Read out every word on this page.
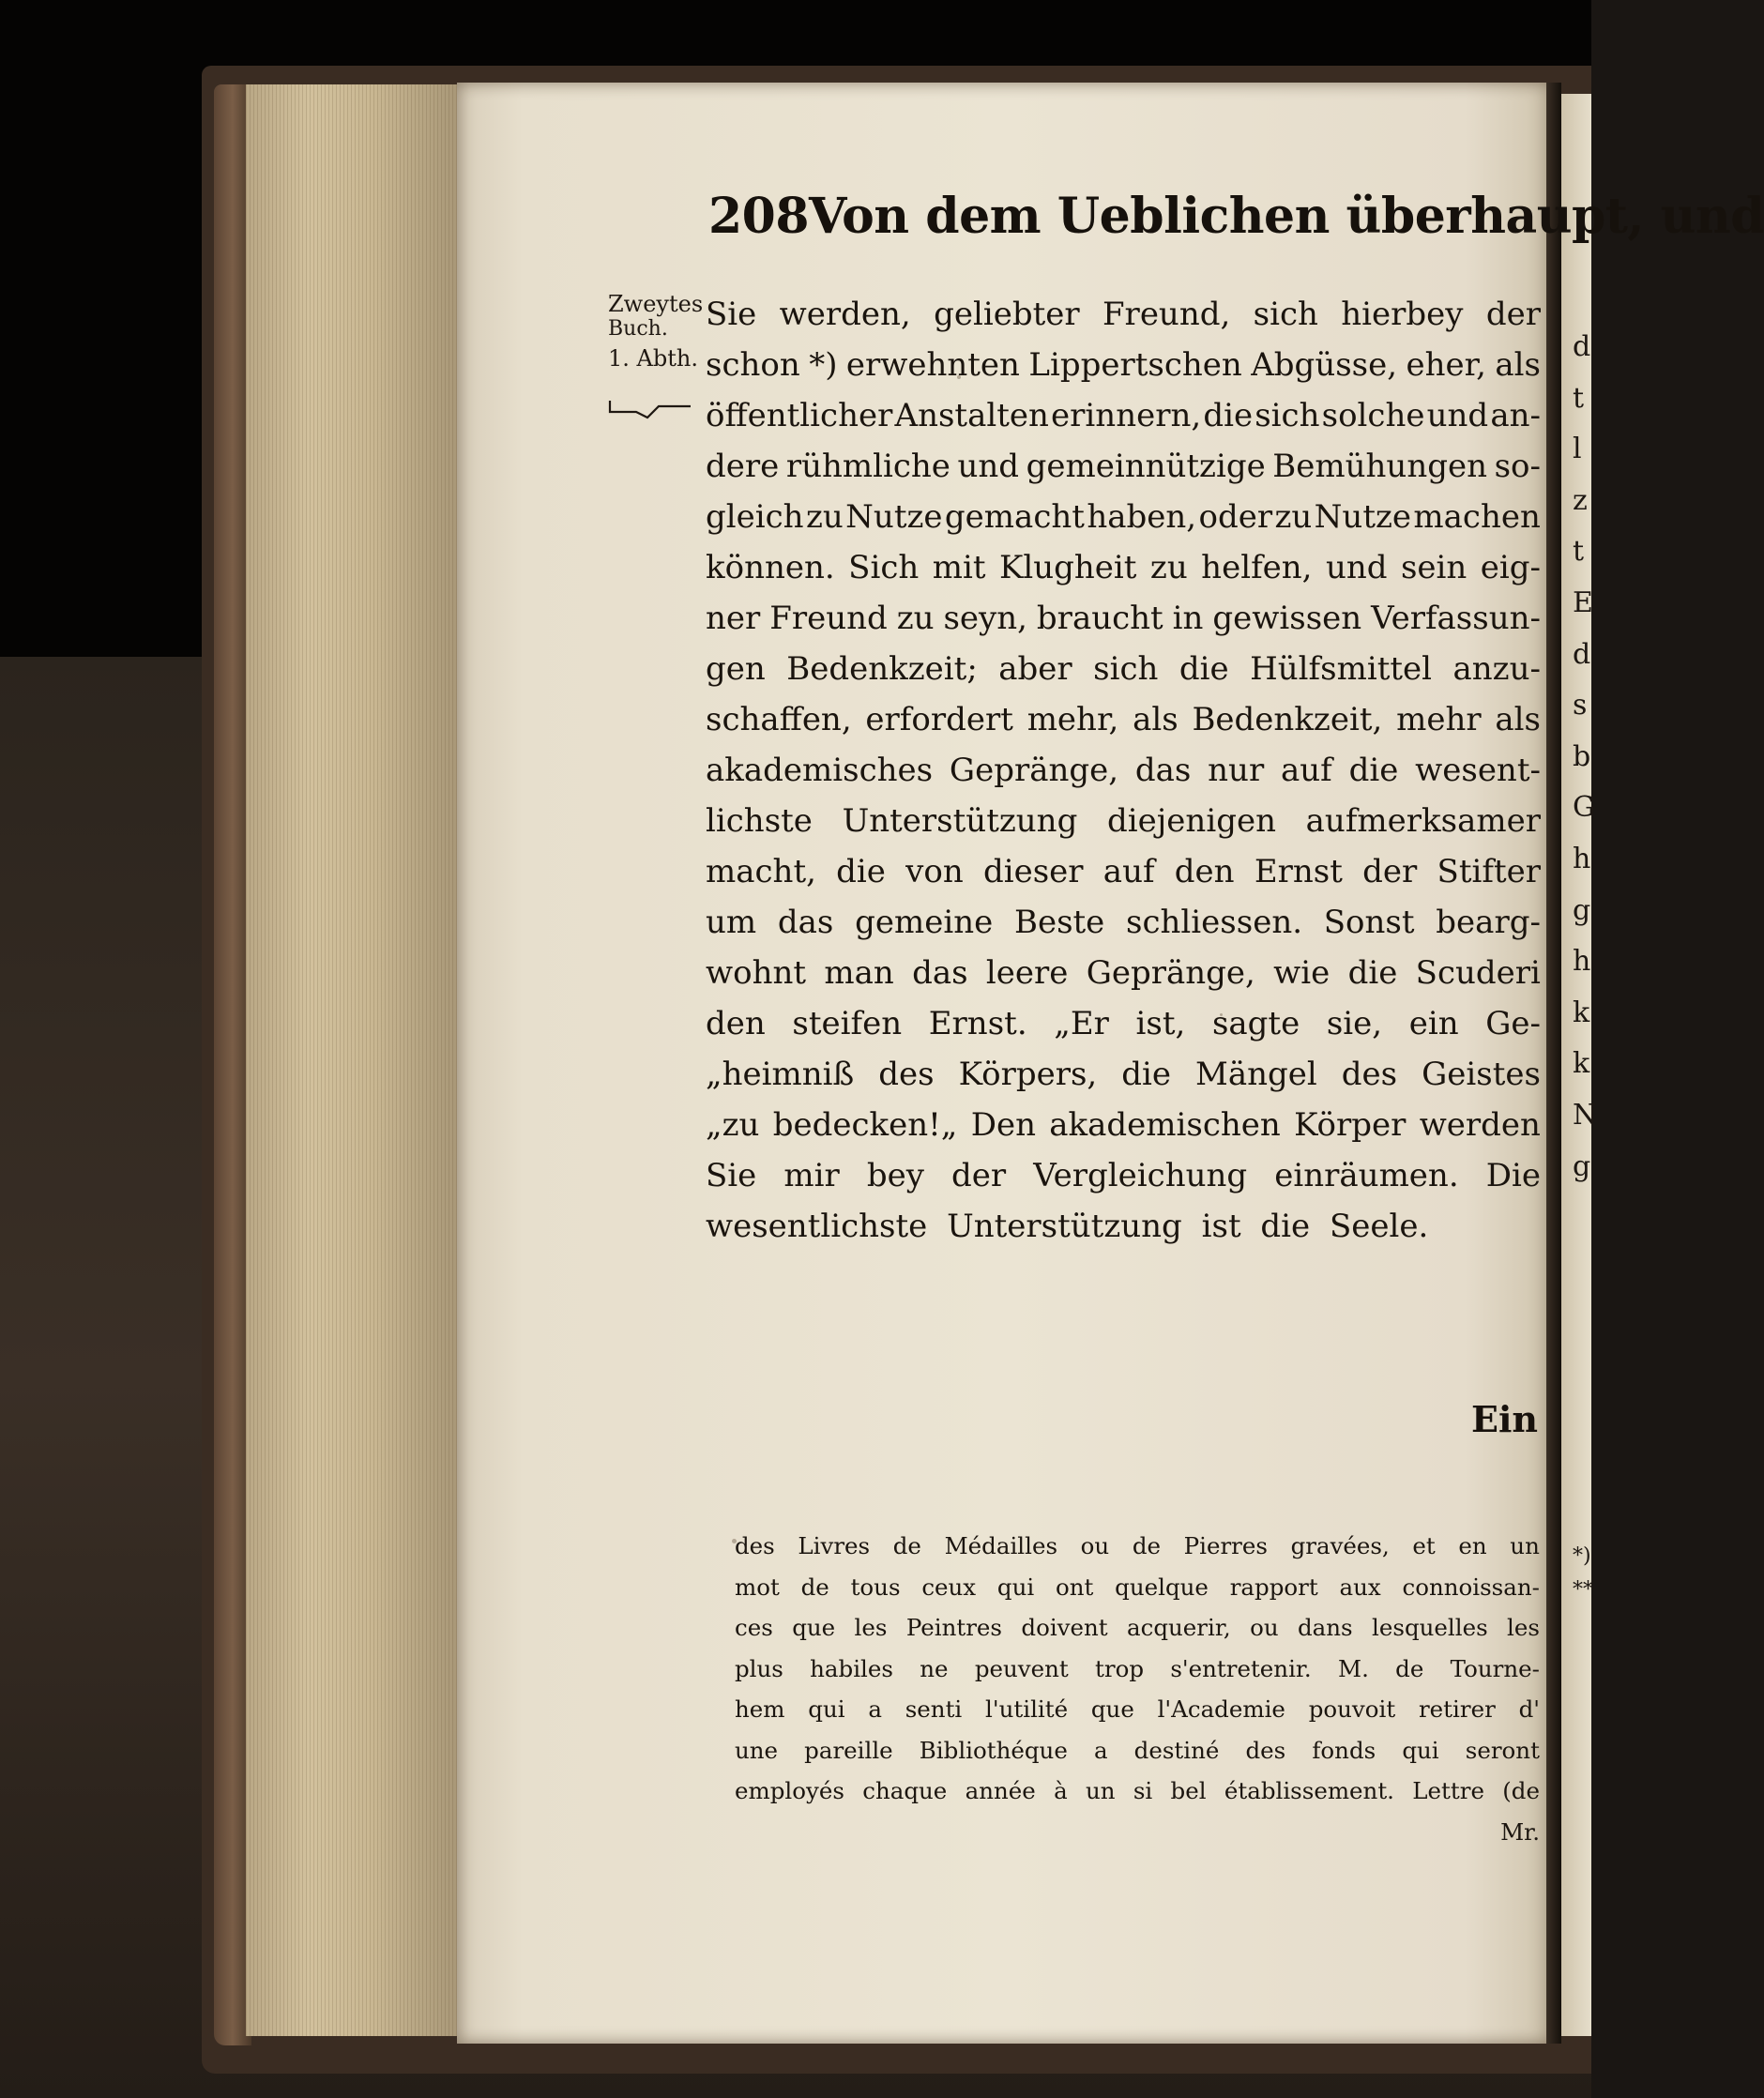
d
t
l
z
t
E
d
s
b
G
h
g
h
k
k
N
g
*)
**
208Von dem Ueblichen überhaupt, und
Zweytes
Buch.
1. Abth.
Sie werden, geliebter Freund, sich hierbey der
schon *) erwehnten Lippertschen Abgüsse, eher, als
öffentlicher Anstalten erinnern, die sich solche und an-
dere rühmliche und gemeinnützige Bemühungen so-
gleich zu Nutze gemacht haben, oder zu Nutze machen
können. Sich mit Klugheit zu helfen, und sein eig-
ner Freund zu seyn, braucht in gewissen Verfassun-
gen Bedenkzeit; aber sich die Hülfsmittel anzu-
schaffen, erfordert mehr, als Bedenkzeit, mehr als
akademisches Gepränge, das nur auf die wesent-
lichste Unterstützung diejenigen aufmerksamer
macht, die von dieser auf den Ernst der Stifter
um das gemeine Beste schliessen. Sonst bearg-
wohnt man das leere Gepränge, wie die Scuderi
den steifen Ernst. „Er ist, sagte sie, ein Ge-
„heimniß des Körpers, die Mängel des Geistes
„zu bedecken!„ Den akademischen Körper werden
Sie mir bey der Vergleichung einräumen. Die
wesentlichste Unterstützung ist die Seele.
Ein
des Livres de Médailles ou de Pierres gravées, et en un
mot de tous ceux qui ont quelque rapport aux connoissan-
ces que les Peintres doivent acquerir, ou dans lesquelles les
plus habiles ne peuvent trop s'entretenir. M. de Tourne-
hem qui a senti l'utilité que l'Academie pouvoit retirer d'
une pareille Bibliothéque a destiné des fonds qui seront
employés chaque année à un si bel établissement. Lettre (de
Mr.
